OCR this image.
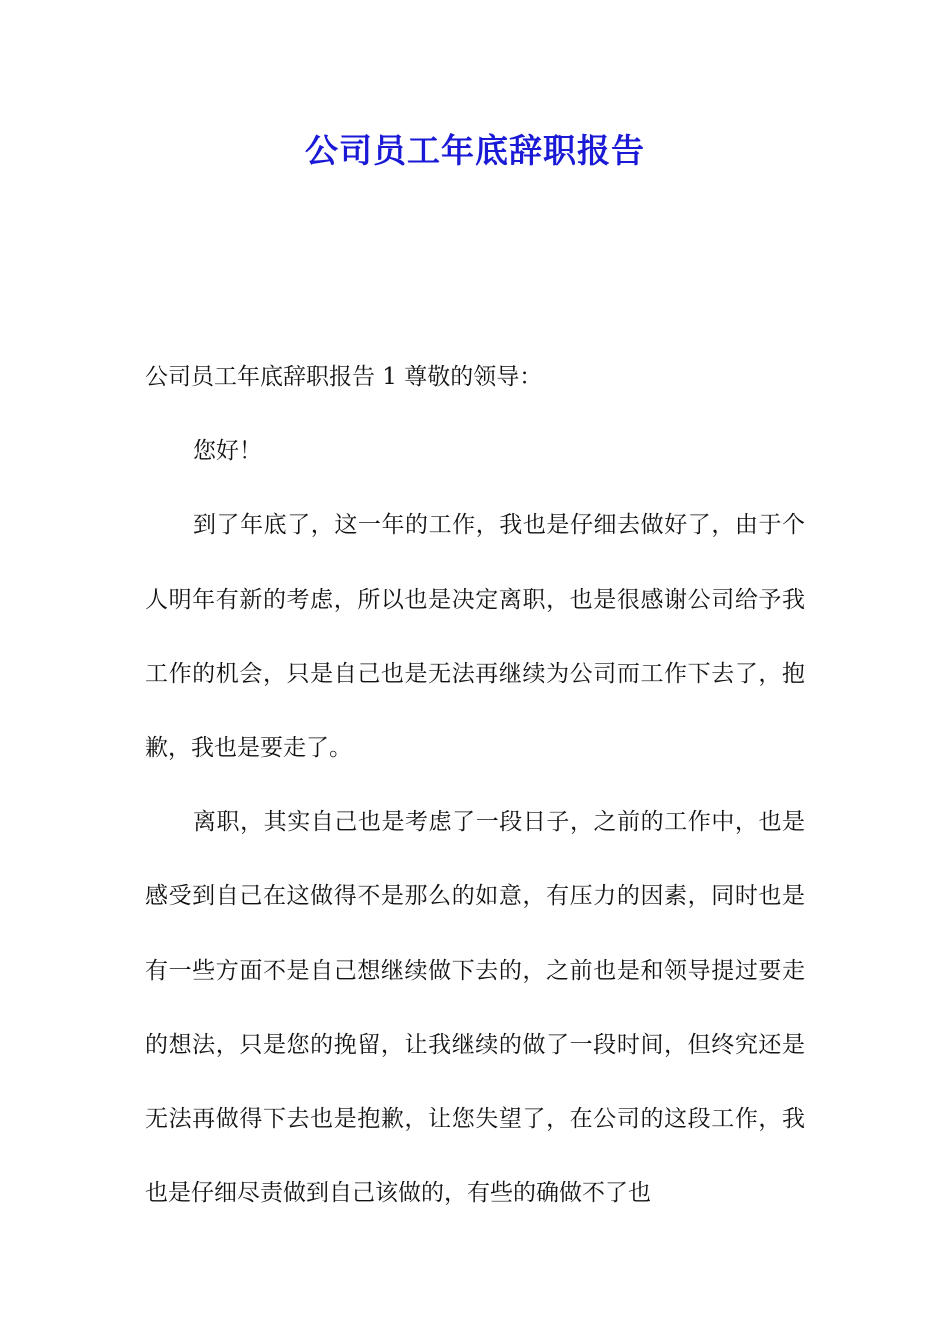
公司员工年底辞职报告

公司员工年底辞职报告 1 尊敬的领导：

您好！

到了年底了，这一年的工作，我也是仔细去做好了，由于个人明年有新的考虑，所以也是决定离职，也是很感谢公司给予我工作的机会，只是自己也是无法再继续为公司而工作下去了，抱歉，我也是要走了。

离职，其实自己也是考虑了一段日子，之前的工作中，也是感受到自己在这做得不是那么的如意，有压力的因素，同时也是有一些方面不是自己想继续做下去的，之前也是和领导提过要走的想法，只是您的挽留，让我继续的做了一段时间，但终究还是无法再做得下去也是抱歉，让您失望了，在公司的这段工作，我也是仔细尽责做到自己该做的，有些的确做不了也
